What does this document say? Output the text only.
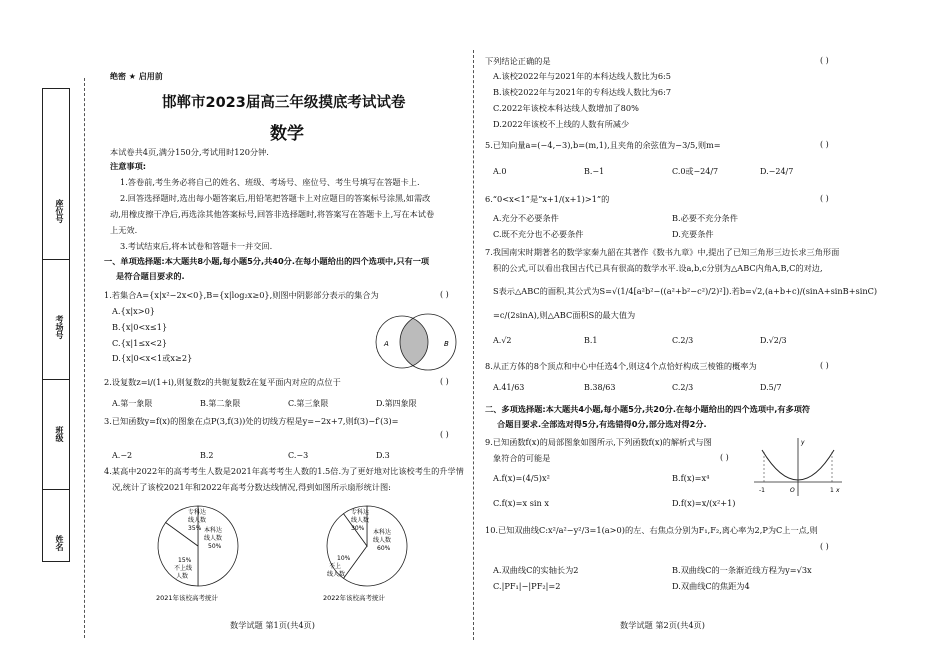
座位号
考场号
班级
姓名
绝密 ★ 启用前
邯郸市2023届高三年级摸底考试试卷
数学
本试卷共4页,满分150分,考试用时120分钟.
注意事项:
1.答卷前,考生务必将自己的姓名、班级、考场号、座位号、考生号填写在答题卡上.
2.回答选择题时,选出每小题答案后,用铅笔把答题卡上对应题目的答案标号涂黑,如需改
动,用橡皮擦干净后,再选涂其他答案标号,回答非选择题时,将答案写在答题卡上,写在本试卷
上无效.
3.考试结束后,将本试卷和答题卡一并交回.
一、单项选择题:本大题共8小题,每小题5分,共40分.在每小题给出的四个选项中,只有一项
是符合题目要求的.
1.若集合A={x|x²−2x<0},B={x|log₂x≥0},则图中阴影部分表示的集合为	( )
A.{x|x>0}
B.{x|0<x≤1}
C.{x|1≤x<2}
D.{x|0<x<1或x≥2}
A	B
2.设复数z=i/(1+i),则复数z的共轭复数z̄在复平面内对应的点位于	( )
A.第一象限	B.第二象限	C.第三象限	D.第四象限
3.已知函数y=f(x)的图象在点P(3,f(3))处的切线方程是y=−2x+7,则f(3)−f′(3)=
( )
A.−2	B.2	C.−3	D.3
4.某高中2022年的高考考生人数是2021年高考考生人数的1.5倍.为了更好地对比该校考生的升学情
况,统计了该校2021年和2022年高考分数达线情况,得到如图所示扇形统计图:
专科达
线人数
35% 本科达
线人数
50%
15%
不上线
人数
2021年该校高考统计
专科达
线人数
30%
本科达
线人数
60%
10%
不上
线人数
2022年该校高考统计
数学试题 第1页(共4页)
下列结论正确的是	( )
A.该校2022年与2021年的本科达线人数比为6:5
B.该校2022年与2021年的专科达线人数比为6:7
C.2022年该校本科达线人数增加了80%
D.2022年该校不上线的人数有所减少
5.已知向量a=(−4,−3),b=(m,1),且夹角的余弦值为−3/5,则m=	( )
A.0	B.−1	C.0或−24/7	D.−24/7
6.“0<x<1”是“x+1/(x+1)>1”的	( )
A.充分不必要条件	B.必要不充分条件
C.既不充分也不必要条件	D.充要条件
7.我国南宋时期著名的数学家秦九韶在其著作《数书九章》中,提出了已知三角形三边长求三角形面
积的公式,可以看出我国古代已具有很高的数学水平.设a,b,c分别为△ABC内角A,B,C的对边,
S表示△ABC的面积,其公式为S=√(1/4[a²b²−((a²+b²−c²)/2)²]).若b=√2,(a+b+c)/(sinA+sinB+sinC)
=c/(2sinA),则△ABC面积S的最大值为
A.√2	B.1	C.2/3	D.√2/3
8.从正方体的8个顶点和中心中任选4个,则这4个点恰好构成三棱锥的概率为	( )
A.41/63	B.38/63	C.2/3	D.5/7
二、多项选择题:本大题共4小题,每小题5分,共20分.在每小题给出的四个选项中,有多项符
合题目要求.全部选对得5分,有选错得0分,部分选对得2分.
9.已知函数f(x)的局部图象如图所示,下列函数f(x)的解析式与图
象符合的可能是	( )
A.f(x)=(4/5)x²	B.f(x)=x⁴
C.f(x)=x sin x	D.f(x)=x/(x²+1)
y
x
O
-1	1
10.已知双曲线C:x²/a²−y²/3=1(a>0)的左、右焦点分别为F₁,F₂,离心率为2,P为C上一点,则
( )
A.双曲线C的实轴长为2	B.双曲线C的一条渐近线方程为y=√3x
C.|PF₁|−|PF₂|=2	D.双曲线C的焦距为4
数学试题 第2页(共4页)
